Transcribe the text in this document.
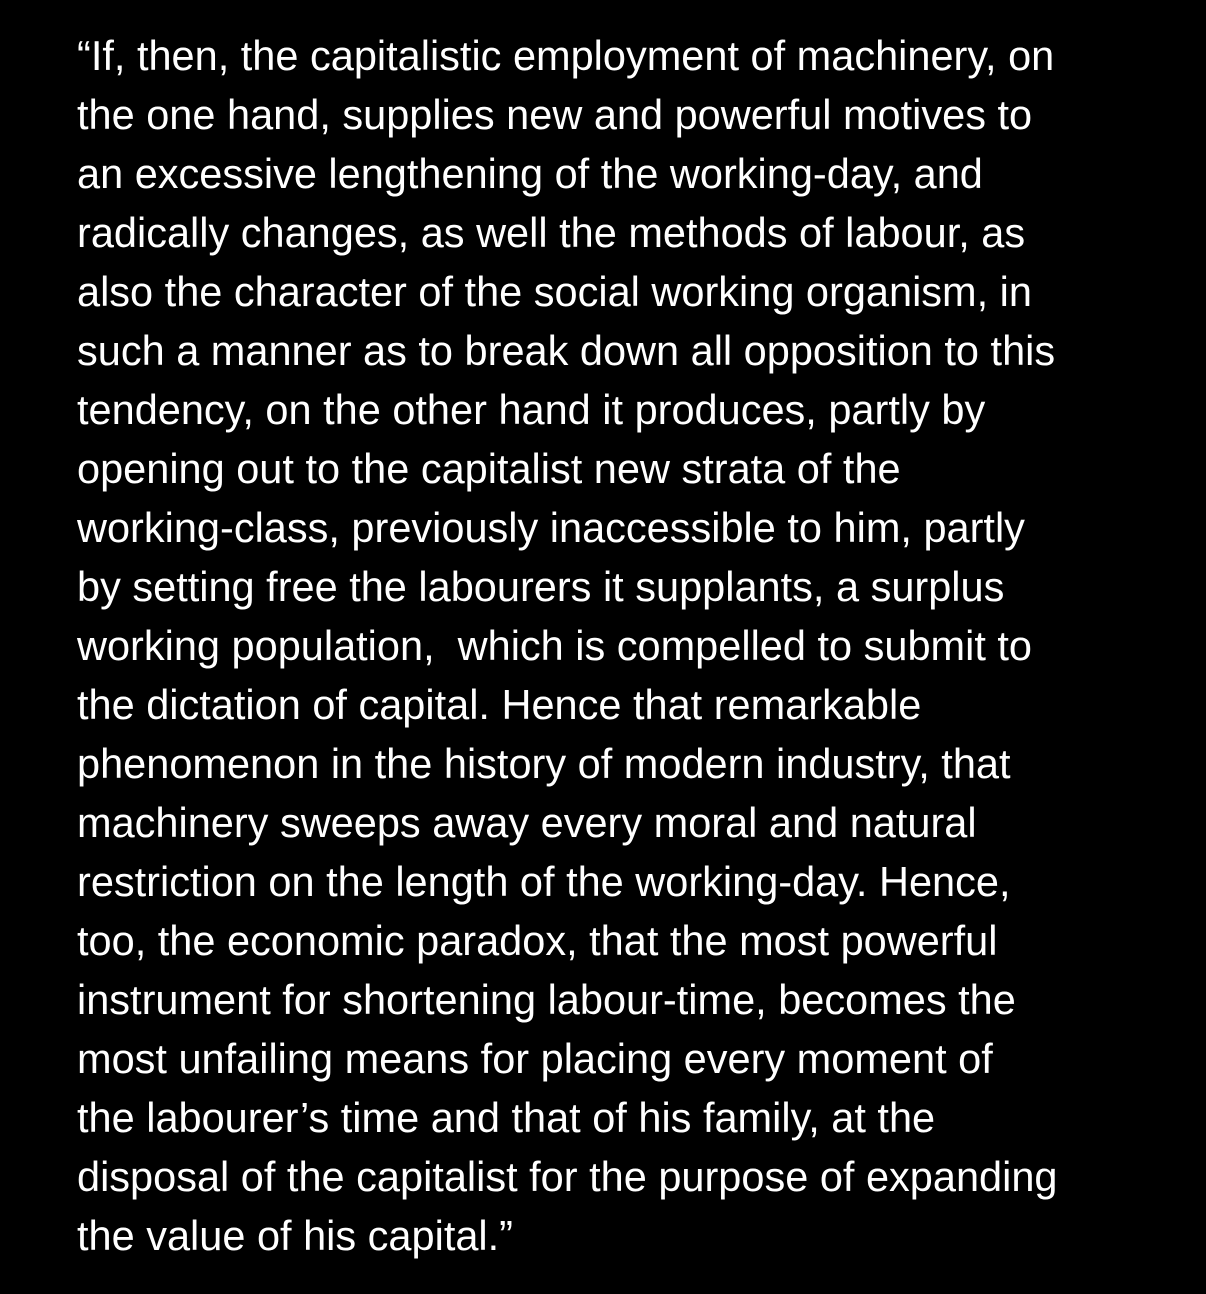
“If, then, the capitalistic employment of machinery, on
the one hand, supplies new and powerful motives to
an excessive lengthening of the working-day, and
radically changes, as well the methods of labour, as
also the character of the social working organism, in
such a manner as to break down all opposition to this
tendency, on the other hand it produces, partly by
opening out to the capitalist new strata of the
working-class, previously inaccessible to him, partly
by setting free the labourers it supplants, a surplus
working population,  which is compelled to submit to
the dictation of capital. Hence that remarkable
phenomenon in the history of modern industry, that
machinery sweeps away every moral and natural
restriction on the length of the working-day. Hence,
too, the economic paradox, that the most powerful
instrument for shortening labour-time, becomes the
most unfailing means for placing every moment of
the labourer’s time and that of his family, at the
disposal of the capitalist for the purpose of expanding
the value of his capital.”
